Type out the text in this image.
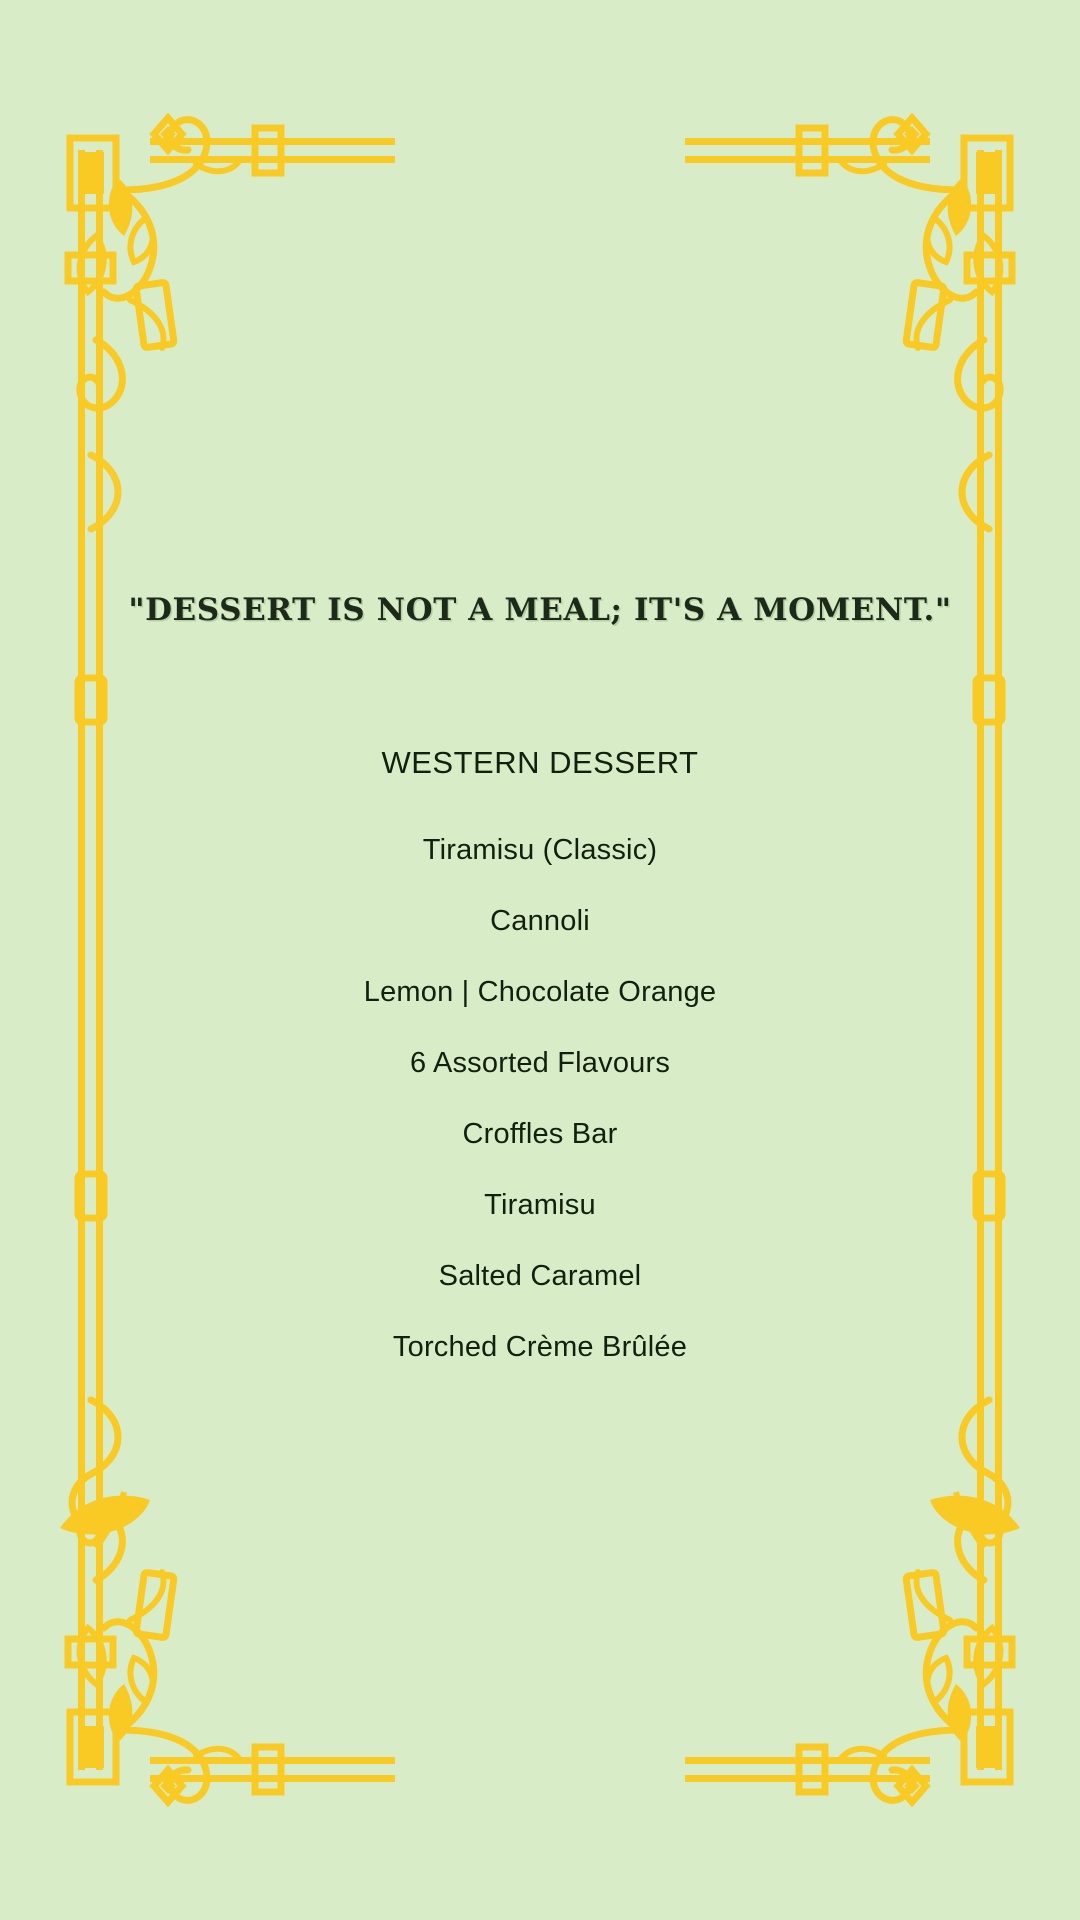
"DESSERT IS NOT A MEAL; IT'S A MOMENT."
WESTERN DESSERT
Tiramisu (Classic)
Cannoli
Lemon | Chocolate Orange
6 Assorted Flavours
Croffles Bar
Tiramisu
Salted Caramel
Torched Crème Brûlée
